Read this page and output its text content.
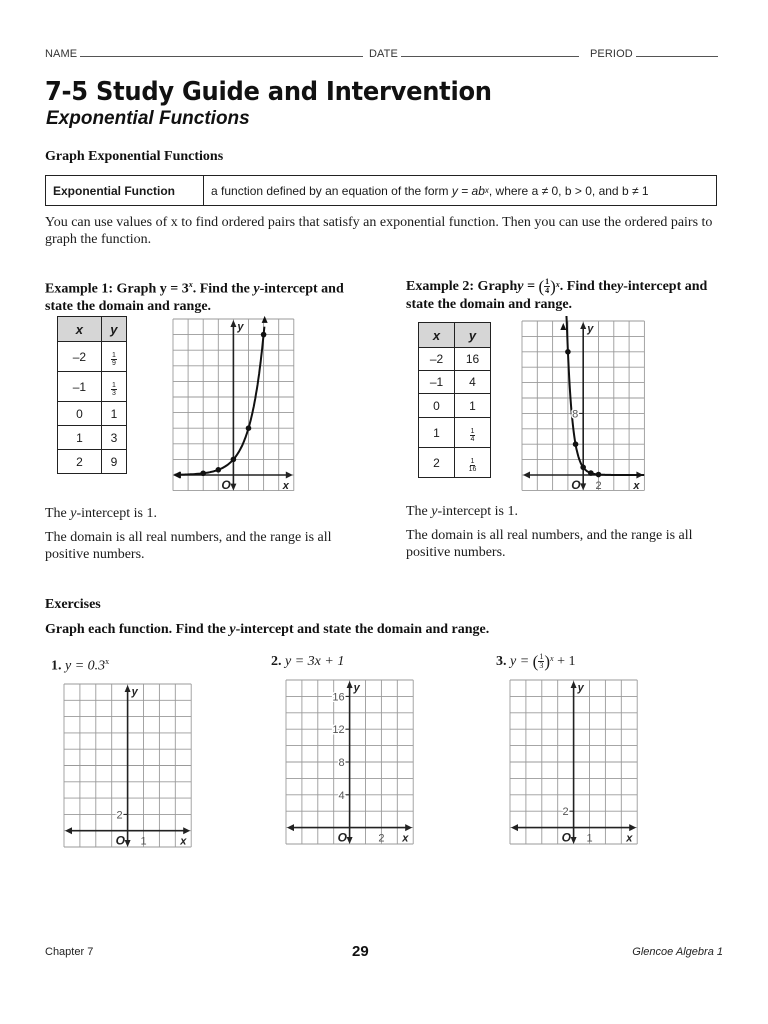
NAME	DATE	PERIOD
7-5 Study Guide and Intervention
Exponential Functions
Graph Exponential Functions
Exponential Function	a function defined by an equation of the form
y = ab x , where
a ≠ 0,
b > 0,
and
b ≠ 1
You can use values of x to find ordered pairs that satisfy an exponential function. Then you can use the ordered pairs to
graph the function.
Example 1: Graph $y = 3^x$. Find the y-intercept and
state the domain and range.
x	y
–2	$\frac{1}{9}$

–1	$\frac{1}{3}$

0	1
1	3
2	9
y
x
O
The y-intercept is 1.
The domain is all real numbers, and the range is all
positive numbers.
Example 2: Graph y = ( $\frac{1}{4}$ ) x . Find the y -intercept and
state the domain and range.
x	y
–2	16
–1	4
0	1
1	$\frac{1}{4}$

2	$\frac{1}{16}$
y
x
O
8
2
The y-intercept is 1.
The domain is all real numbers, and the range is all
positive numbers.
Exercises
Graph each function. Find the y-intercept and state the domain and range.
1. $y = 0.3^x$
y
x
O
2
1
2. y = 3x + 1
y
x
O
16
12
8
4
2
3.
y = ( $\frac{1}{3}$ ) x + 1
y
x
O
2
1
Chapter 7	29	Glencoe Algebra 1
